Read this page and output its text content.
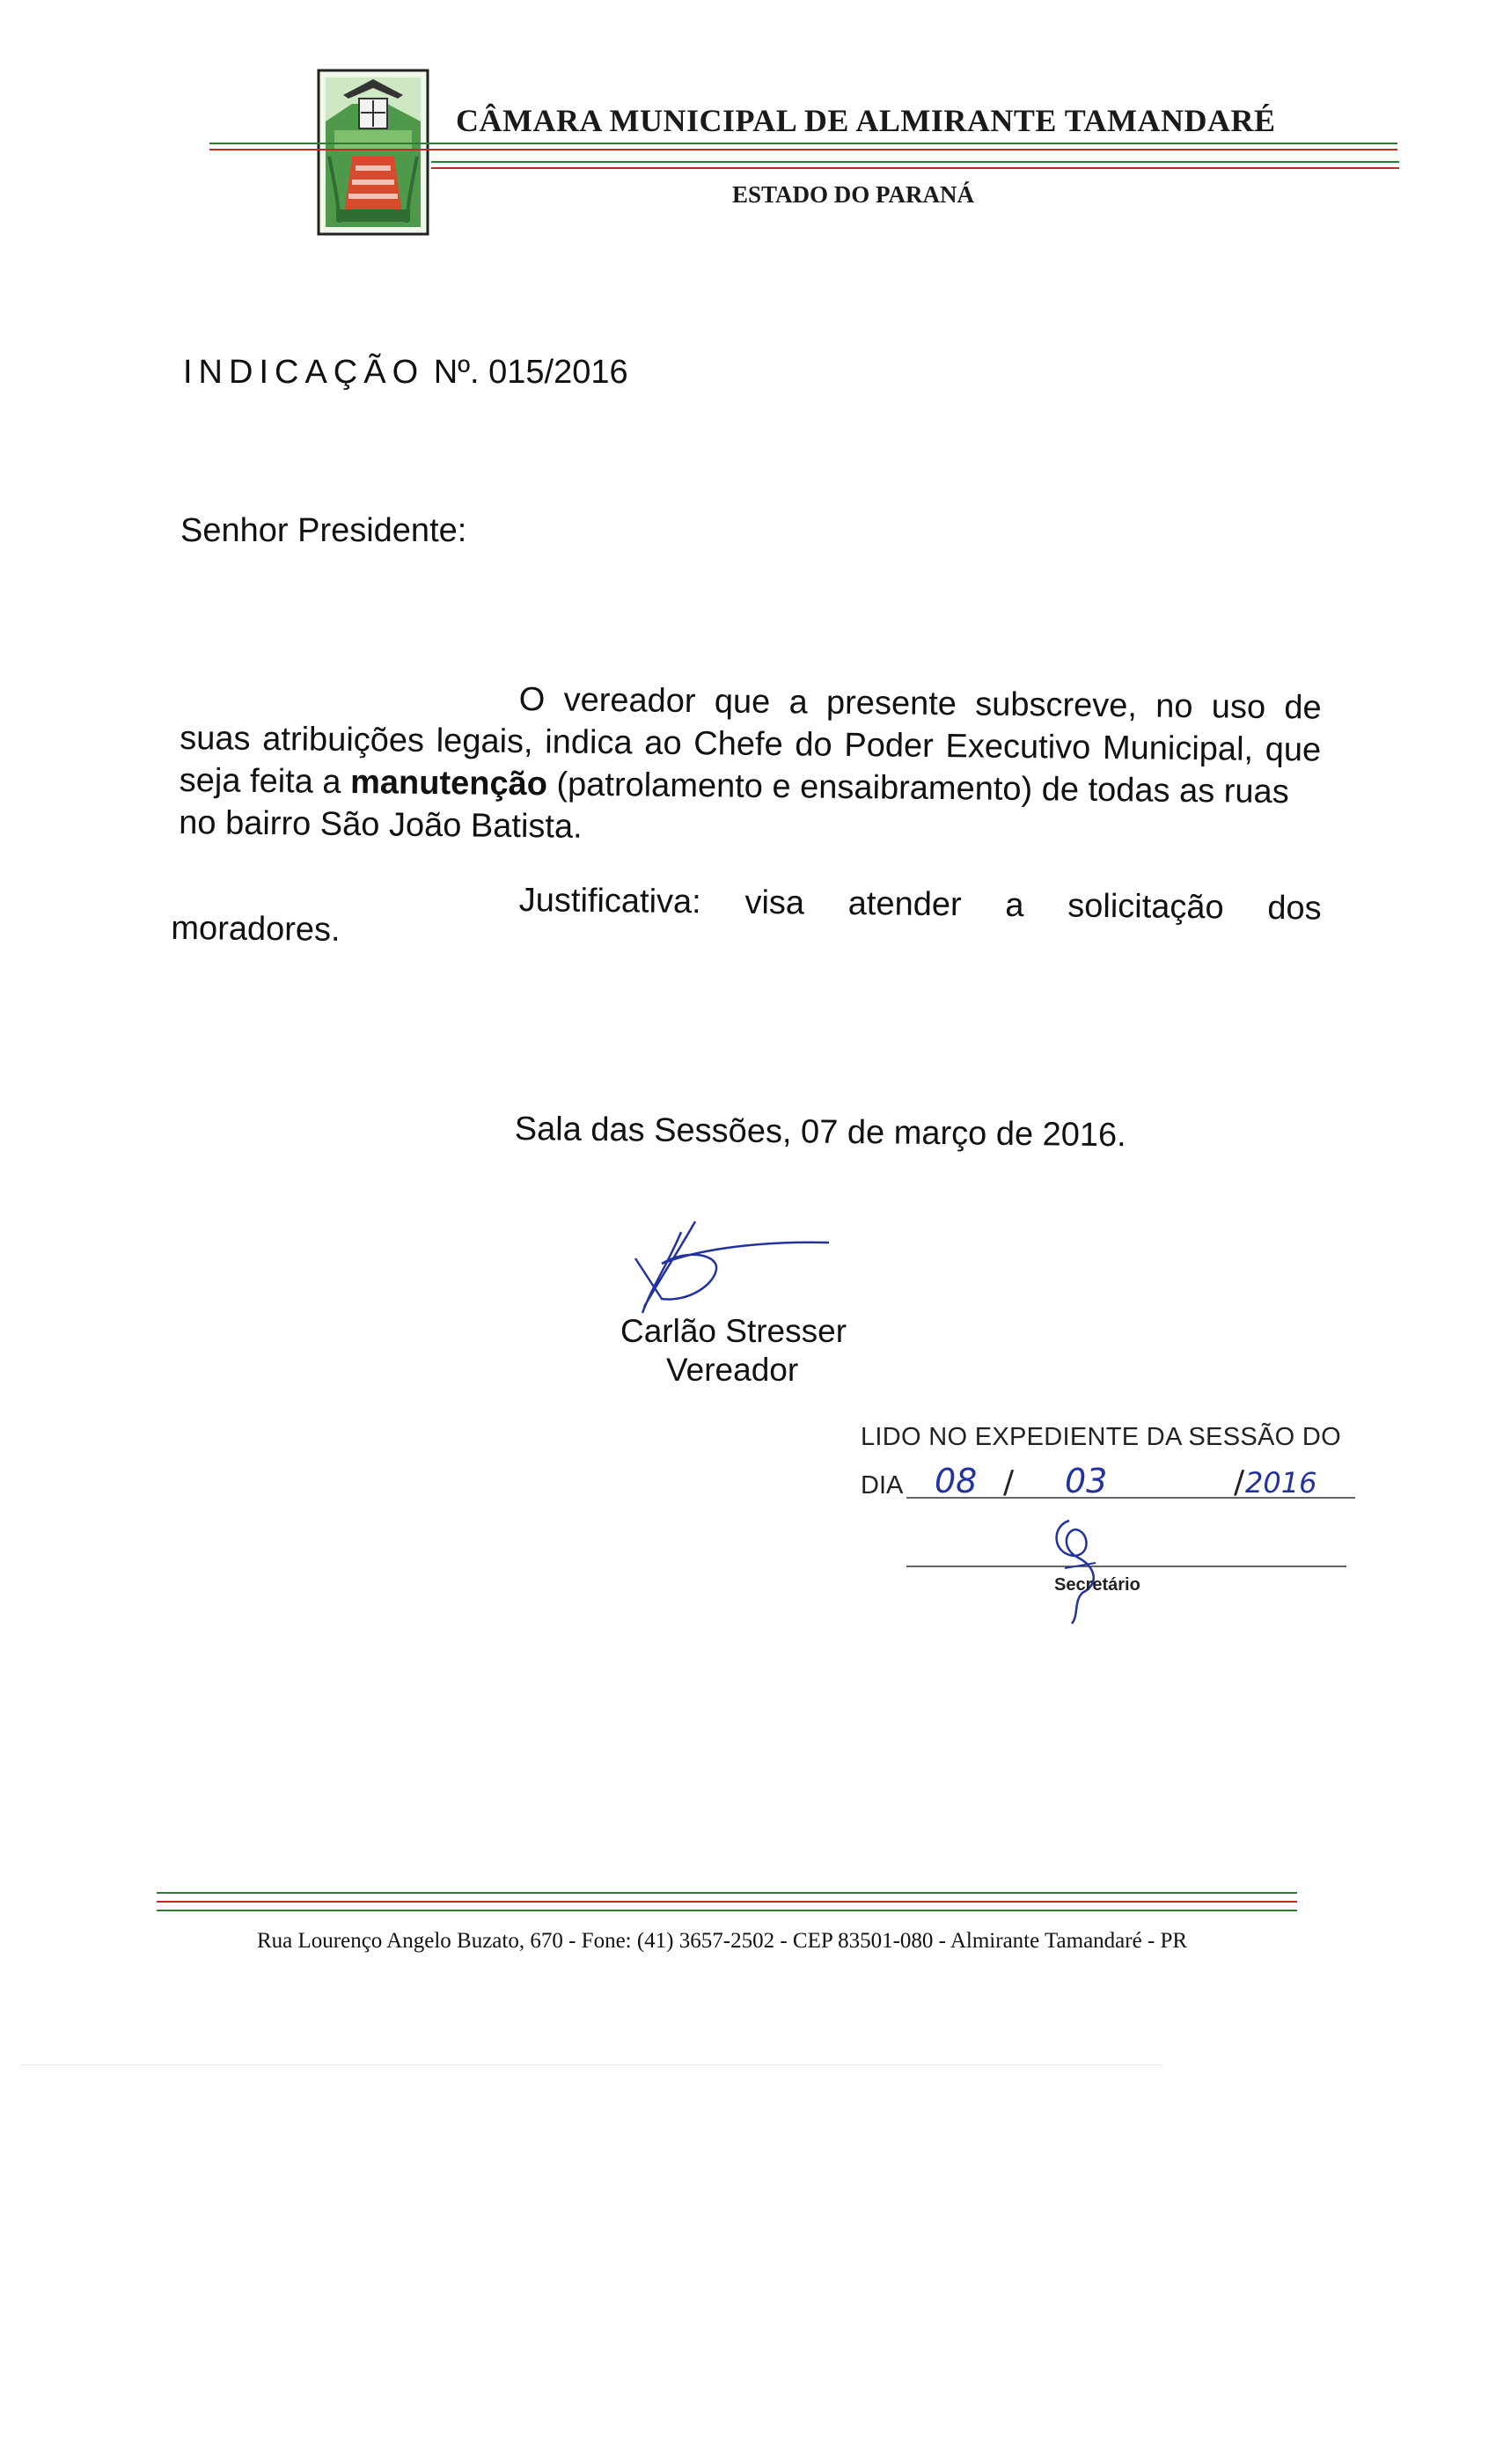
CÂMARA MUNICIPAL DE ALMIRANTE TAMANDARÉ
ESTADO DO PARANÁ
INDICAÇÃO Nº. 015/2016
Senhor Presidente:
O vereador que a presente subscreve, no uso de
suas atribuições legais, indica ao Chefe do Poder Executivo Municipal, que
seja feita a manutenção (patrolamento e ensaibramento) de todas as ruas
no bairro São João Batista.
Justificativa: visa atender a solicitação dos
moradores.
Sala das Sessões, 07 de março de 2016.
Carlão Stresser
Vereador
LIDO NO EXPEDIENTE DA SESSÃO DO
DIA 08 / 03	/ 2016
Secretário
Rua Lourenço Angelo Buzato, 670 - Fone: (41) 3657-2502 - CEP 83501-080 - Almirante Tamandaré - PR
